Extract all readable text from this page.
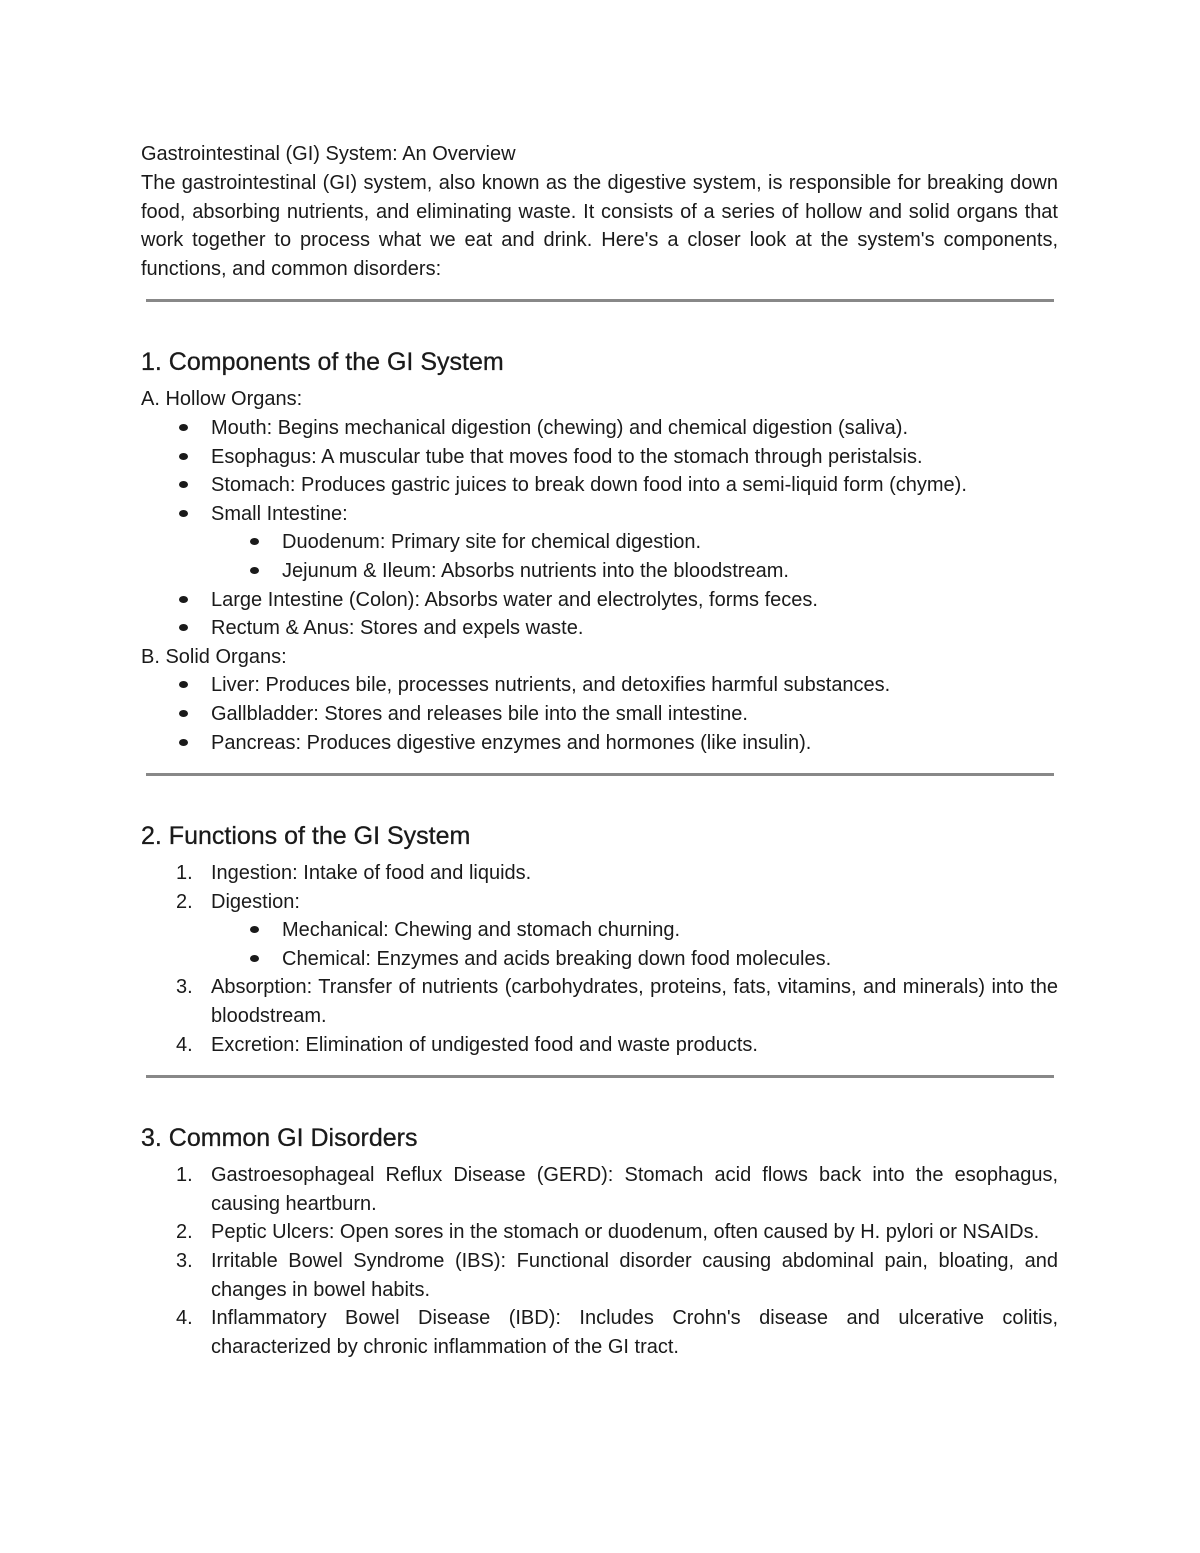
Gastrointestinal (GI) System: An Overview

The gastrointestinal (GI) system, also known as the digestive system, is responsible for breaking down food, absorbing nutrients, and eliminating waste. It consists of a series of hollow and solid organs that work together to process what we eat and drink. Here's a closer look at the system's components, functions, and common disorders:

1. Components of the GI System

A. Hollow Organs:

Mouth: Begins mechanical digestion (chewing) and chemical digestion (saliva).
Esophagus: A muscular tube that moves food to the stomach through peristalsis.
Stomach: Produces gastric juices to break down food into a semi-liquid form (chyme).
Small Intestine:
Duodenum: Primary site for chemical digestion.
Jejunum & Ileum: Absorbs nutrients into the bloodstream.
Large Intestine (Colon): Absorbs water and electrolytes, forms feces.
Rectum & Anus: Stores and expels waste.

B. Solid Organs:

Liver: Produces bile, processes nutrients, and detoxifies harmful substances.
Gallbladder: Stores and releases bile into the small intestine.
Pancreas: Produces digestive enzymes and hormones (like insulin).
2. Functions of the GI System
1. Ingestion: Intake of food and liquids.
2. Digestion:
Mechanical: Chewing and stomach churning.
Chemical: Enzymes and acids breaking down food molecules.
3. Absorption: Transfer of nutrients (carbohydrates, proteins, fats, vitamins, and minerals) into the bloodstream.
4. Excretion: Elimination of undigested food and waste products.
3. Common GI Disorders
1. Gastroesophageal Reflux Disease (GERD): Stomach acid flows back into the esophagus, causing heartburn.
2. Peptic Ulcers: Open sores in the stomach or duodenum, often caused by H. pylori or NSAIDs.
3. Irritable Bowel Syndrome (IBS): Functional disorder causing abdominal pain, bloating, and changes in bowel habits.
4. Inflammatory Bowel Disease (IBD): Includes Crohn's disease and ulcerative colitis, characterized by chronic inflammation of the GI tract.
